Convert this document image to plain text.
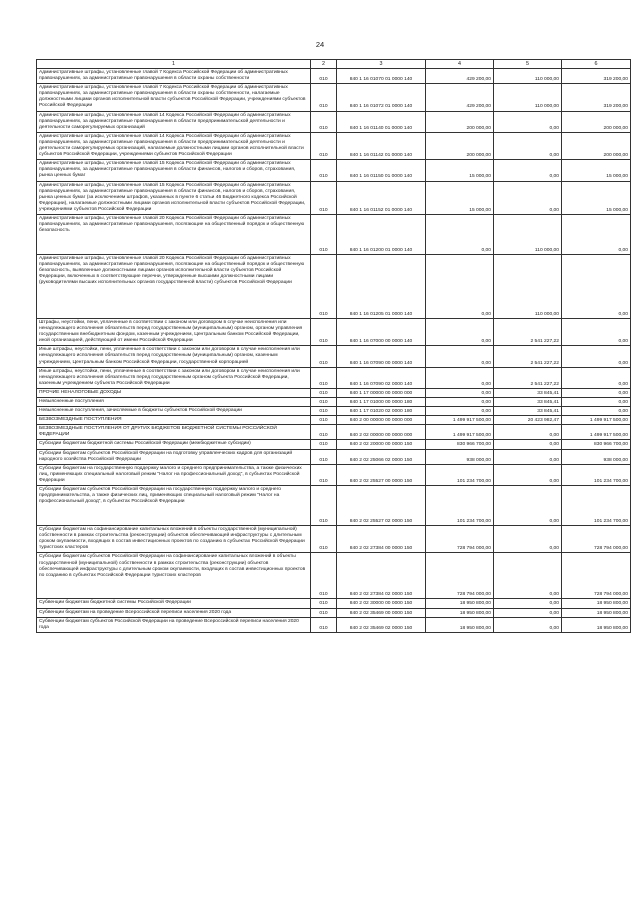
24
1	2	3	4	5	6
Административные штрафы, установленные главой 7 Кодекса Российской Федерации об административных правонарушениях, за административные правонарушения в области охраны собственности	010	840 1 16 01070 01 0000 140	429 200,00	110 000,00	319 200,00
Административные штрафы, установленные главой 7 Кодекса Российской Федерации об административных правонарушениях, за административные правонарушения в области охраны собственности, налагаемые должностными лицами органов исполнительной власти субъектов Российской Федерации, учреждениями субъектов Российской Федерации	010	840 1 16 01072 01 0000 140	429 200,00	110 000,00	319 200,00
Административные штрафы, установленные главой 14 Кодекса Российской Федерации об административных правонарушениях, за административные правонарушения в области предпринимательской деятельности и деятельности саморегулируемых организаций	010	840 1 16 01140 01 0000 140	200 000,00	0,00	200 000,00
Административные штрафы, установленные главой 14 Кодекса Российской Федерации об административных правонарушениях, за административные правонарушения в области предпринимательской деятельности и деятельности саморегулируемых организаций, налагаемые должностными лицами органов исполнительной власти субъектов Российской Федерации, учреждениями субъектов Российской Федерации	010	840 1 16 01142 01 0000 140	200 000,00	0,00	200 000,00
Административные штрафы, установленные главой 15 Кодекса Российской Федерации об административных правонарушениях, за административные правонарушения в области финансов, налогов и сборов, страхования, рынка ценных бумаг	010	840 1 16 01150 01 0000 140	15 000,00	0,00	15 000,00
Административные штрафы, установленные главой 15 Кодекса Российской Федерации об административных правонарушениях, за административные правонарушения в области финансов, налогов и сборов, страхования, рынка ценных бумаг (за исключением штрафов, указанных в пункте 6 статьи 46 Бюджетного кодекса Российской Федерации), налагаемые должностными лицами органов исполнительной власти субъектов Российской Федерации, учреждениями субъектов Российской Федерации	010	840 1 16 01152 01 0000 140	15 000,00	0,00	15 000,00
Административные штрафы, установленные главой 20 Кодекса Российской Федерации об административных правонарушениях, за административные правонарушения, посягающие на общественный порядок и общественную безопасность	010	840 1 16 01200 01 0000 140	0,00	110 000,00	0,00
Административные штрафы, установленные главой 20 Кодекса Российской Федерации об административных правонарушениях, за административные правонарушения, посягающие на общественный порядок и общественную безопасность, выявленные должностными лицами органов исполнительной власти субъектов Российской Федерации, включенных в соответствующие перечни, утвержденные высшими должностными лицами (руководителями высших исполнительных органов государственной власти) субъектов Российской Федерации	010	840 1 16 01205 01 0000 140	0,00	110 000,00	0,00
Штрафы, неустойки, пени, уплаченные в соответствии с законом или договором в случае неисполнения или ненадлежащего исполнения обязательств перед государственным (муниципальным) органом, органом управления государственным внебюджетным фондом, казенным учреждением, Центральным банком Российской Федерации, иной организацией, действующей от имени Российской Федерации	010	840 1 16 07000 00 0000 140	0,00	2 541 227,22	0,00
Иные штрафы, неустойки, пени, уплаченные в соответствии с законом или договором в случае неисполнения или ненадлежащего исполнения обязательств перед государственным (муниципальным) органом, казенным учреждением, Центральным банком Российской Федерации, государственной корпорацией	010	840 1 16 07090 00 0000 140	0,00	2 541 227,22	0,00
Иные штрафы, неустойки, пени, уплаченные в соответствии с законом или договором в случае неисполнения или ненадлежащего исполнения обязательств перед государственным органом субъекта Российской Федерации, казенным учреждением субъекта Российской Федерации	010	840 1 16 07090 02 0000 140	0,00	2 541 227,22	0,00
ПРОЧИЕ НЕНАЛОГОВЫЕ ДОХОДЫ	010	840 1 17 00000 00 0000 000	0,00	33 845,41	0,00
Невыясненные поступления	010	840 1 17 01000 00 0000 180	0,00	33 845,41	0,00
Невыясненные поступления, зачисляемые в бюджеты субъектов Российской Федерации	010	840 1 17 01020 02 0000 180	0,00	33 845,41	0,00
БЕЗВОЗМЕЗДНЫЕ ПОСТУПЛЕНИЯ	010	840 2 00 00000 00 0000 000	1 499 917 500,00	20 423 982,47	1 499 917 500,00
БЕЗВОЗМЕЗДНЫЕ ПОСТУПЛЕНИЯ ОТ ДРУГИХ БЮДЖЕТОВ БЮДЖЕТНОЙ СИСТЕМЫ РОССИЙСКОЙ ФЕДЕРАЦИИ	010	840 2 02 00000 00 0000 000	1 499 917 500,00	0,00	1 499 917 500,00
Субсидии бюджетам бюджетной системы Российской Федерации (межбюджетные субсидии)	010	840 2 02 20000 00 0000 150	830 966 700,00	0,00	830 966 700,00
Субсидии бюджетам субъектов Российской Федерации на подготовку управленческих кадров для организаций народного хозяйства Российской Федерации	010	840 2 02 25066 02 0000 150	938 000,00	0,00	938 000,00
Субсидии бюджетам на государственную поддержку малого и среднего предпринимательства, а также физических лиц, применяющих специальный налоговый режим "Налог на профессиональный доход", в субъектах Российской Федерации	010	840 2 02 25527 00 0000 150	101 234 700,00	0,00	101 234 700,00
Субсидии бюджетам субъектов Российской Федерации на государственную поддержку малого и среднего предпринимательства, а также физических лиц, применяющих специальный налоговый режим "Налог на профессиональный доход", в субъектах Российской Федерации	010	840 2 02 25527 02 0000 150	101 234 700,00	0,00	101 234 700,00
Субсидии бюджетам на софинансирование капитальных вложений в объекты государственной (муниципальной) собственности в рамках строительства (реконструкции) объектов обеспечивающей инфраструктуры с длительным сроком окупаемости, входящих в состав инвестиционных проектов по созданию в субъектах Российской Федерации туристских кластеров	010	840 2 02 27384 00 0000 150	728 794 000,00	0,00	728 794 000,00
Субсидии бюджетам субъектов Российской Федерации на софинансирование капитальных вложений в объекты государственной (муниципальной) собственности в рамках строительства (реконструкции) объектов обеспечивающей инфраструктуры с длительным сроком окупаемости, входящих в состав инвестиционных проектов по созданию в субъектах Российской Федерации туристских кластеров	010	840 2 02 27384 02 0000 150	728 794 000,00	0,00	728 794 000,00
Субвенции бюджетам бюджетной системы Российской Федерации	010	840 2 02 30000 00 0000 150	18 950 800,00	0,00	18 950 800,00
Субвенции бюджетам на проведение Всероссийской переписи населения 2020 года	010	840 2 02 35469 00 0000 150	18 950 800,00	0,00	18 950 800,00
Субвенции бюджетам субъектов Российской Федерации на проведение Всероссийской переписи населения 2020 года	010	840 2 02 35469 02 0000 150	18 950 800,00	0,00	18 950 800,00
